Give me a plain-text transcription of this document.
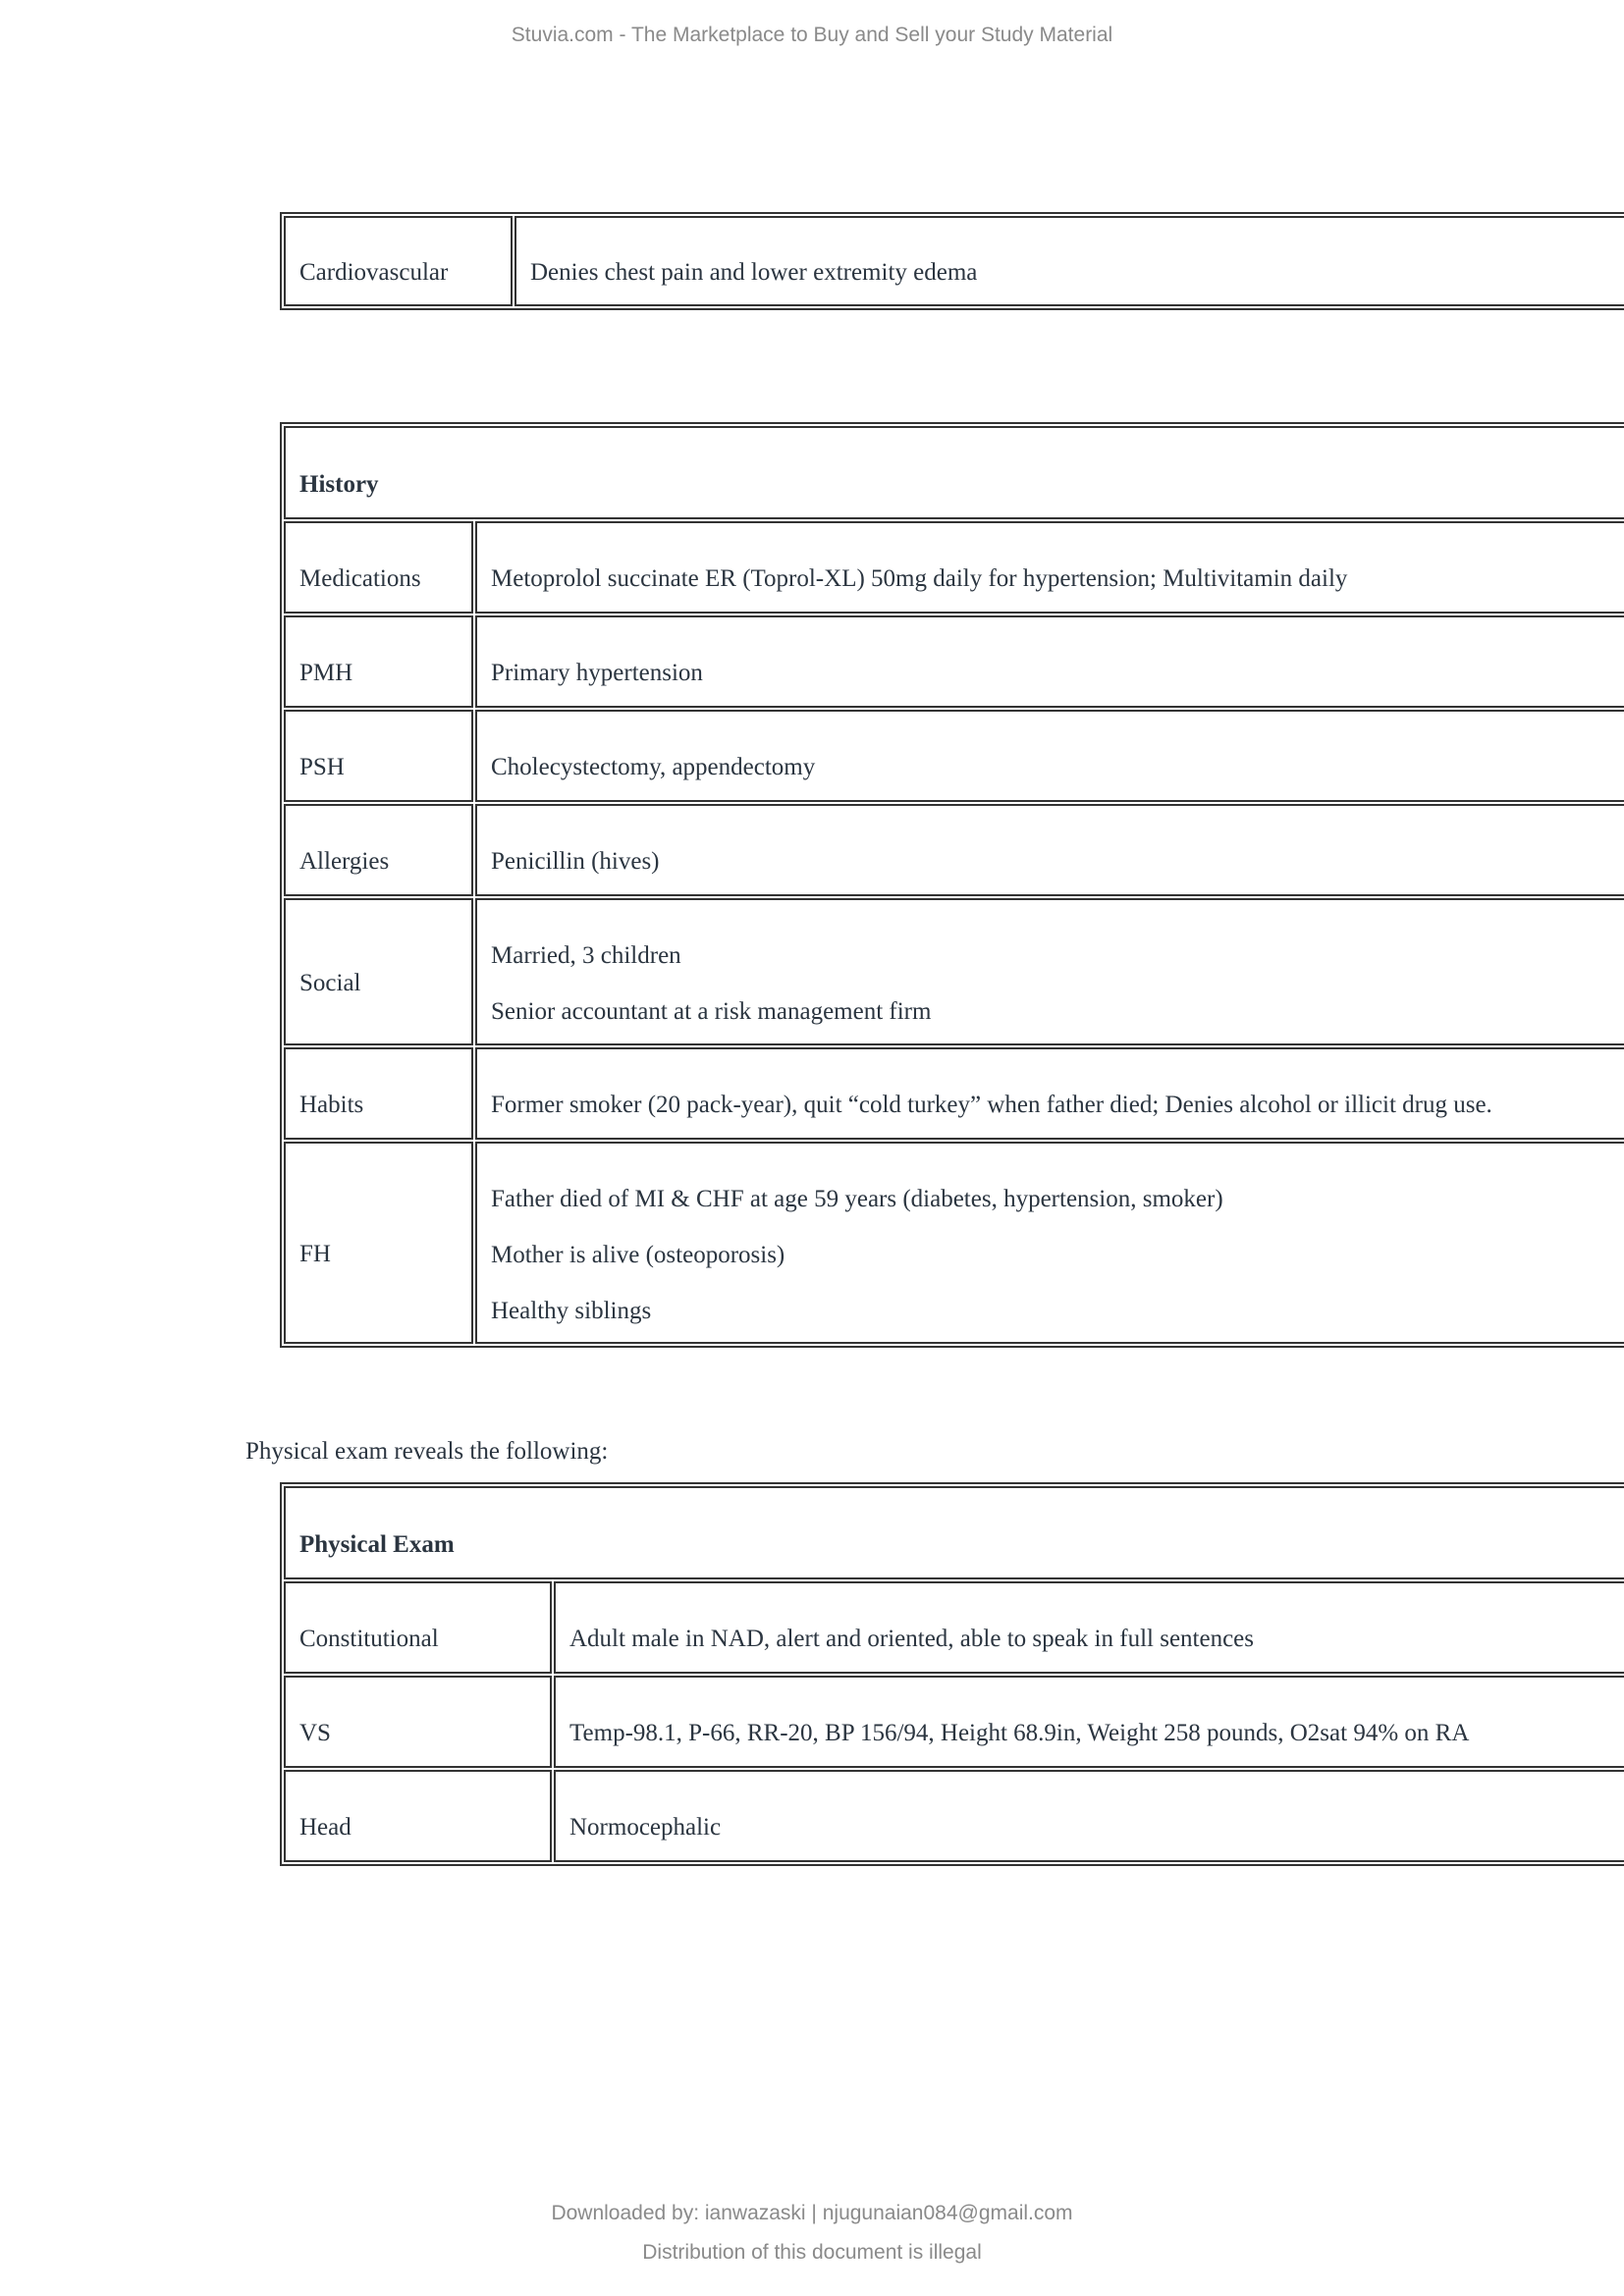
Stuvia.com - The Marketplace to Buy and Sell your Study Material
Cardiovascular	Denies chest pain and lower extremity edema
History	

Medications	Metoprolol succinate ER (Toprol-XL) 50mg daily for hypertension; Multivitamin daily

PMH	Primary hypertension

PSH	Cholecystectomy, appendectomy

Allergies	Penicillin (hives)

Social	Married, 3 children
Senior accountant at a risk management firm

Habits	Former smoker (20 pack-year), quit “cold turkey” when father died; Denies alcohol or illicit drug use.

FH	Father died of MI & CHF at age 59 years (diabetes, hypertension, smoker)
Mother is alive (osteoporosis)
Healthy siblings
Physical exam reveals the following:
Physical Exam	

Constitutional	Adult male in NAD, alert and oriented, able to speak in full sentences

VS	Temp-98.1, P-66, RR-20, BP 156/94, Height 68.9in, Weight 258 pounds, O2sat 94% on RA

Head	Normocephalic
Downloaded by: ianwazaski | njugunaian084@gmail.com
Distribution of this document is illegal
